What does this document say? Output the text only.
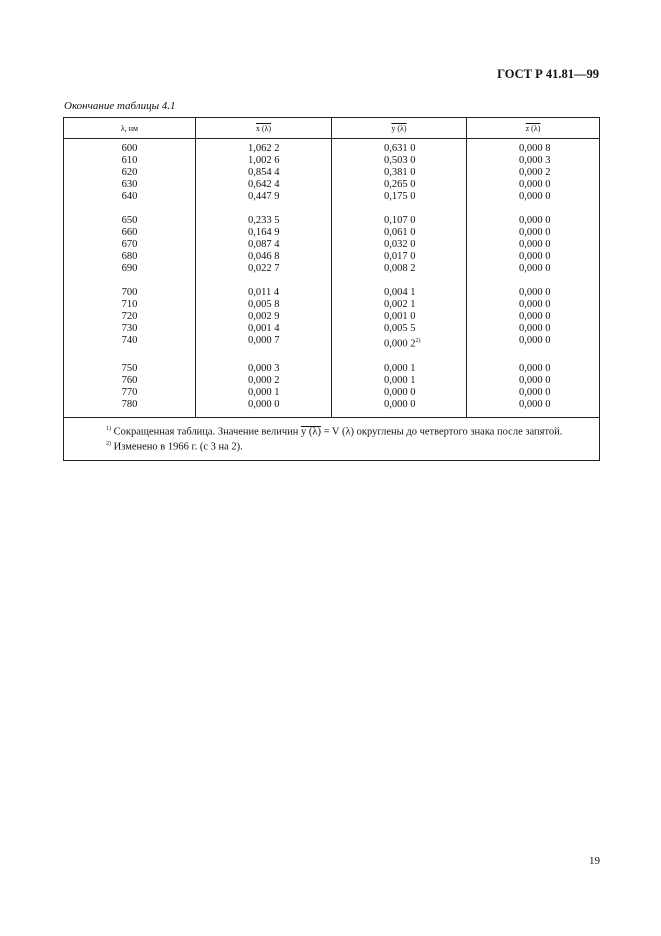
ГОСТ Р 41.81—99
Окончание таблицы 4.1
λ, нм	x (λ)	y (λ)	z (λ)
600	1,062 2	0,631 0	0,000 8
610	1,002 6	0,503 0	0,000 3
620	0,854 4	0,381 0	0,000 2
630	0,642 4	0,265 0	0,000 0
640	0,447 9	0,175 0	0,000 0

650	0,233 5	0,107 0	0,000 0
660	0,164 9	0,061 0	0,000 0
670	0,087 4	0,032 0	0,000 0
680	0,046 8	0,017 0	0,000 0
690	0,022 7	0,008 2	0,000 0

700	0,011 4	0,004 1	0,000 0
710	0,005 8	0,002 1	0,000 0
720	0,002 9	0,001 0	0,000 0
730	0,001 4	0,005 5	0,000 0
740	0,000 7	0,000 2$^{2)}$	0,000 0

750	0,000 3	0,000 1	0,000 0
760	0,000 2	0,000 1	0,000 0
770	0,000 1	0,000 0	0,000 0
780	0,000 0	0,000 0	0,000 0

$^{1)}$ Сокращенная таблица. Значение величин y (λ) = V (λ) округлены до четвертого знака после запятой.
$^{2)}$ Изменено в 1966 г. (с 3 на 2).			
19
